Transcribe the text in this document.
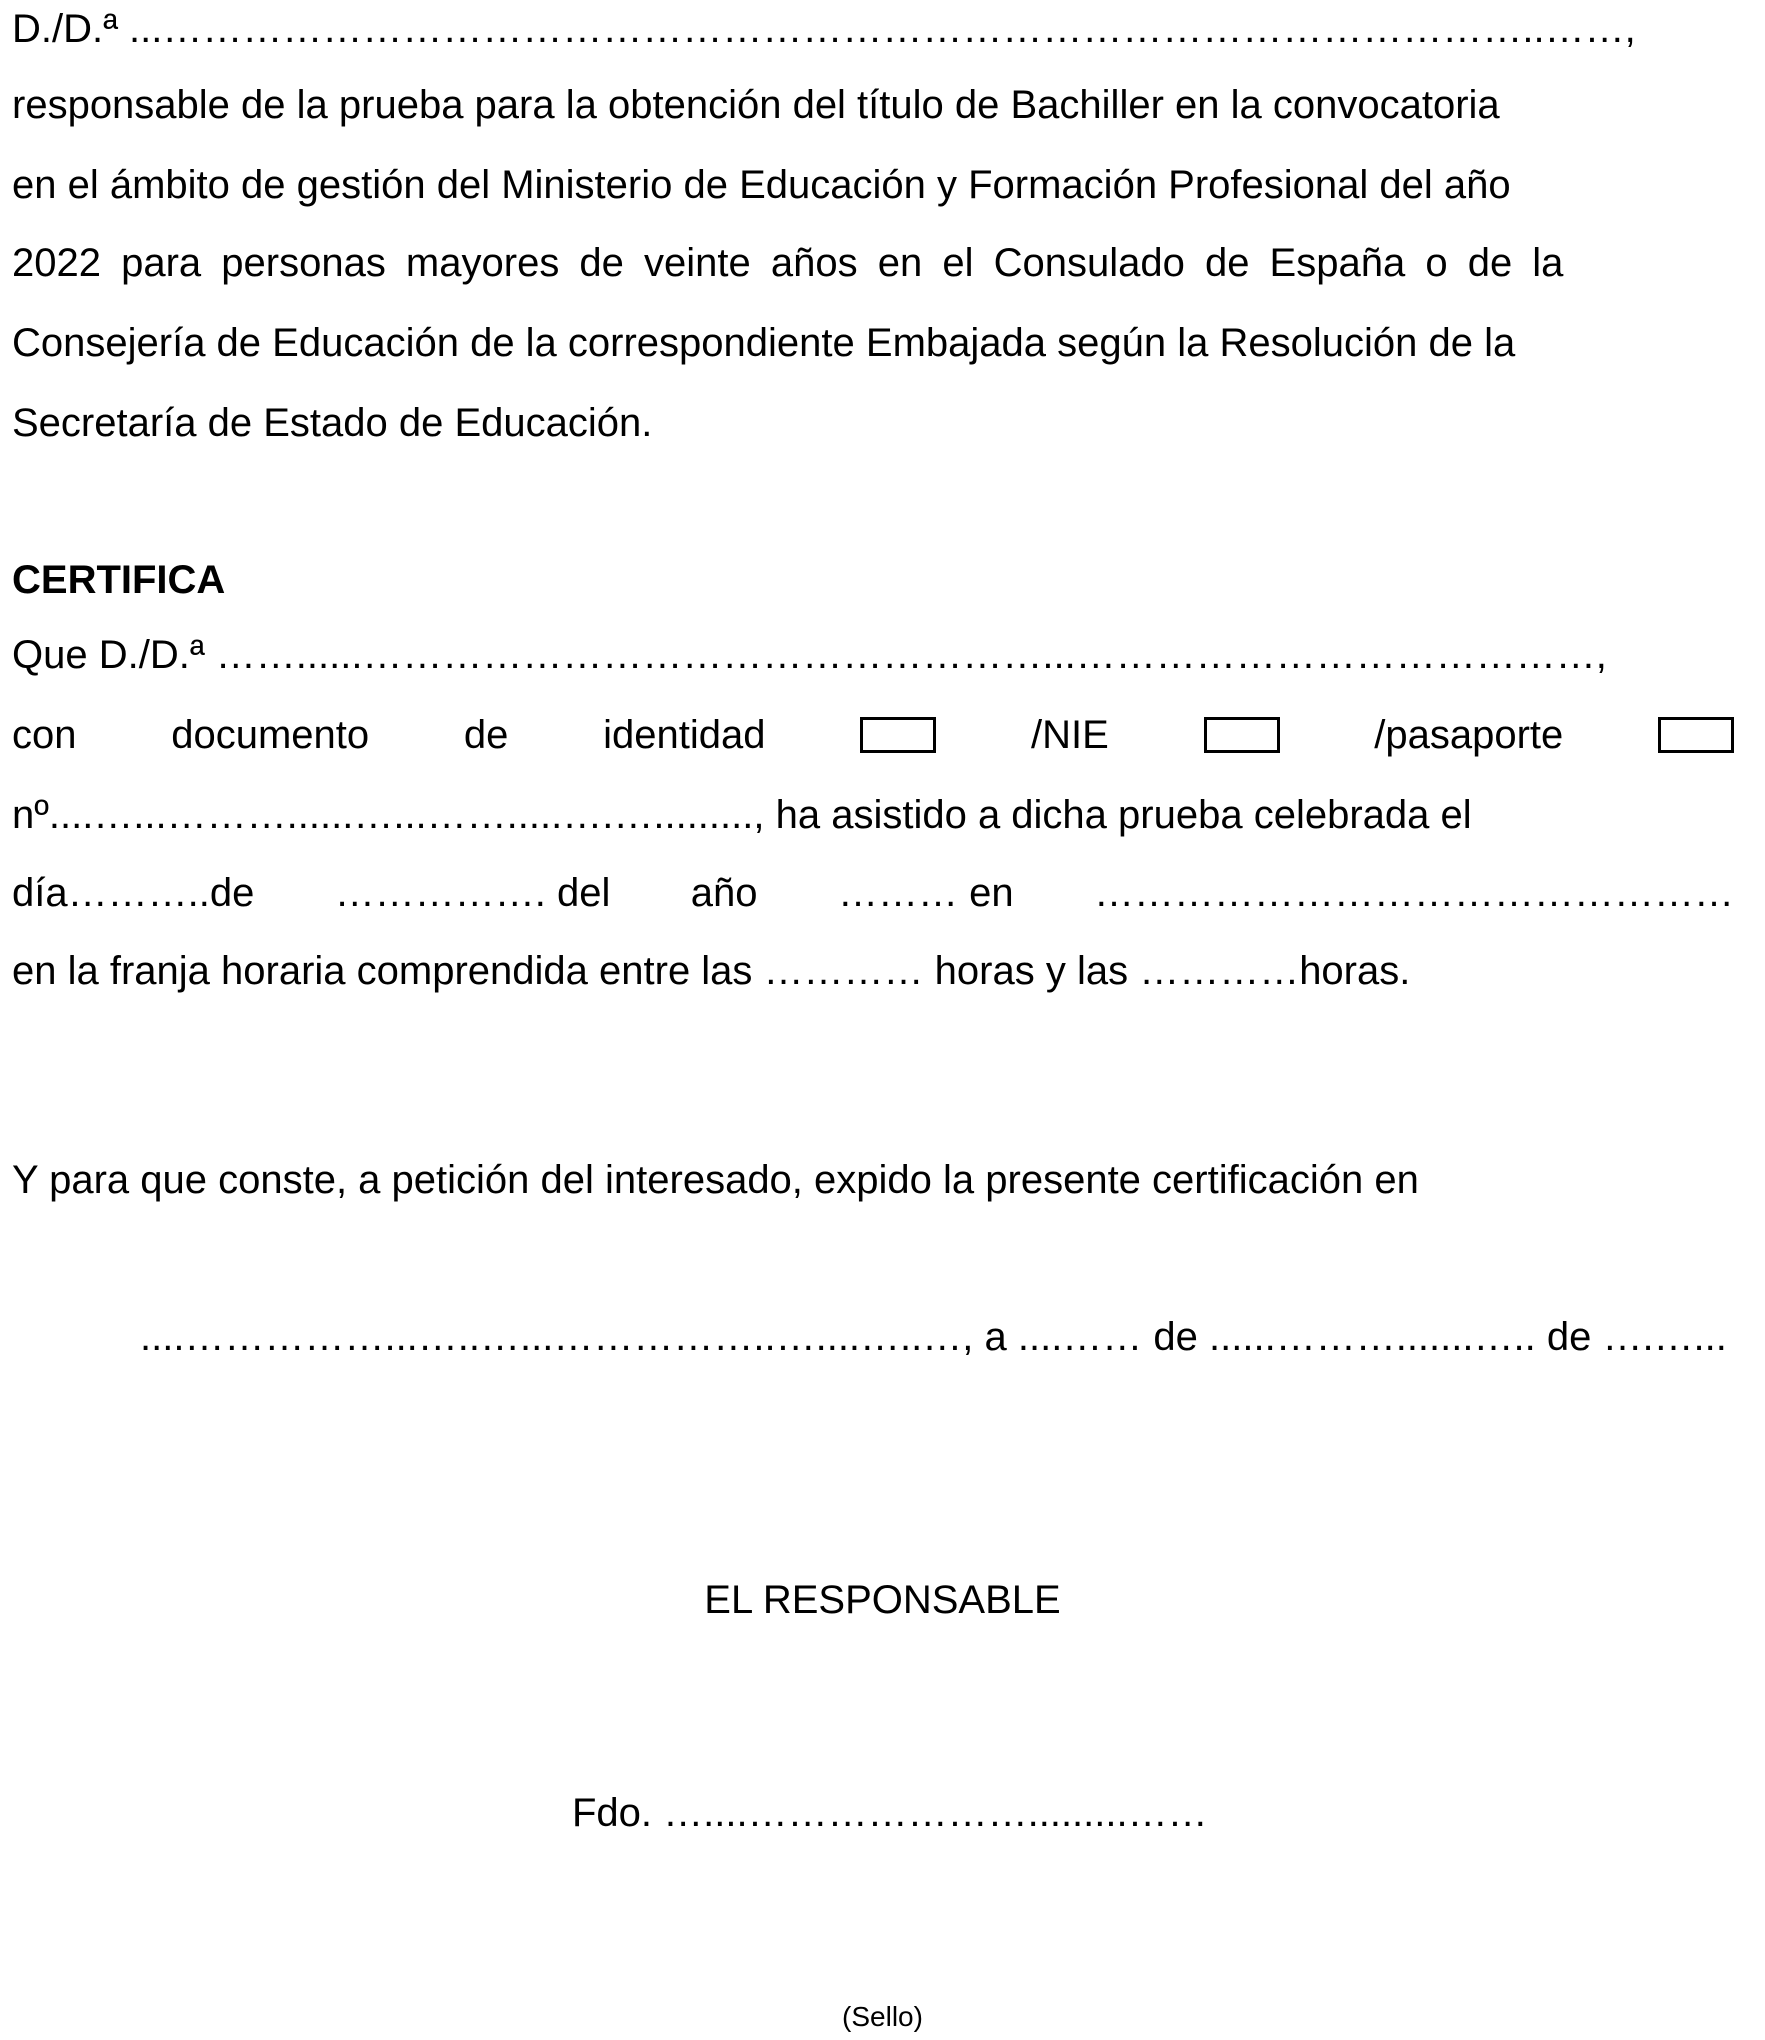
D./D.ª ...…………………………………………………………………………………………..……,
responsable de la prueba para la obtención del título de Bachiller en la convocatoria
en el ámbito de gestión del Ministerio de Educación y Formación Profesional del año
2022 para personas mayores de veinte años en el Consulado de España o de la
Consejería de Educación de la correspondiente Embajada según la Resolución de la
Secretaría de Estado de Educación.
CERTIFICA
Que D./D.ª ……......……………………………………………...…………………………………,
con documento de identidad	/NIE	/pasaporte
nº....…...………......…...…….....….…........., ha asistido a dicha prueba celebrada el
día………..de ……………. del año ……… en …………………………………………
en la franja horaria comprendida entre las ………… horas y las …………horas.
Y para que conste, a petición del interesado, expido la presente certificación en
....……………...…..…...……………..…....…..…, a ....…… de ......……….......….. de ….…...
EL RESPONSABLE
Fdo. …....………………….........……
(Sello)
